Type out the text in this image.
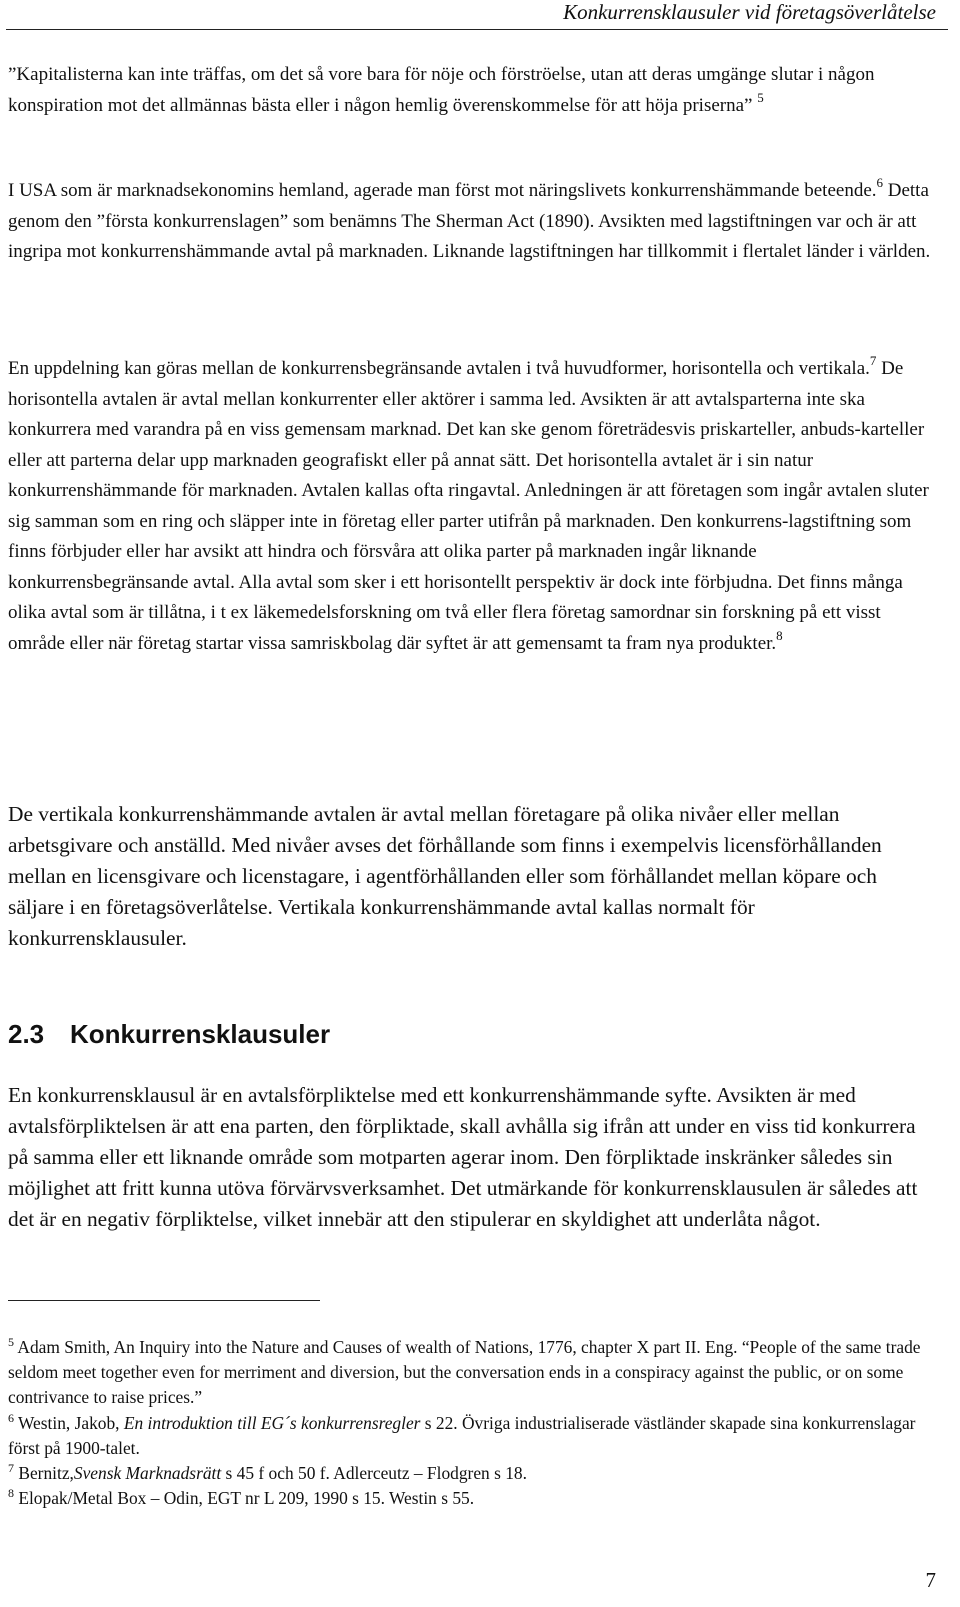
Konkurrensklausuler vid företagsöverlåtelse

”Kapitalisterna kan inte träffas, om det så vore bara för nöje och förströelse, utan att deras umgänge slutar i någon konspiration mot det allmännas bästa eller i någon hemlig överenskommelse för att höja priserna” $^5$

I USA som är marknadsekonomins hemland, agerade man först mot näringslivets konkurrenshämmande beteende.$^6$ Detta genom den ”första konkurrenslagen” som benämns The Sherman Act (1890). Avsikten med lagstiftningen var och är att ingripa mot konkurrenshämmande avtal på marknaden. Liknande lagstiftningen har tillkommit i flertalet länder i världen.

En uppdelning kan göras mellan de konkurrensbegränsande avtalen i två huvudformer, horisontella och vertikala.$^7$ De horisontella avtalen är avtal mellan konkurrenter eller aktörer i samma led. Avsikten är att avtalsparterna inte ska konkurrera med varandra på en viss gemensam marknad. Det kan ske genom företrädesvis priskarteller, anbuds-karteller eller att parterna delar upp marknaden geografiskt eller på annat sätt. Det horisontella avtalet är i sin natur konkurrenshämmande för marknaden. Avtalen kallas ofta ringavtal. Anledningen är att företagen som ingår avtalen sluter sig samman som en ring och släpper inte in företag eller parter utifrån på marknaden. Den konkurrens-lagstiftning som finns förbjuder eller har avsikt att hindra och försvåra att olika parter på marknaden ingår liknande konkurrensbegränsande avtal. Alla avtal som sker i ett horisontellt perspektiv är dock inte förbjudna. Det finns många olika avtal som är tillåtna, i t ex läkemedelsforskning om två eller flera företag samordnar sin forskning på ett visst område eller när företag startar vissa samriskbolag där syftet är att gemensamt ta fram nya produkter.$^8$

De vertikala konkurrenshämmande avtalen är avtal mellan företagare på olika nivåer eller mellan arbetsgivare och anställd. Med nivåer avses det förhållande som finns i exempelvis licensförhållanden mellan en licensgivare och licenstagare, i agentförhållanden eller som förhållandet mellan köpare och säljare i en företagsöverlåtelse. Vertikala konkurrenshämmande avtal kallas normalt för konkurrensklausuler.

2.3 Konkurrensklausuler

En konkurrensklausul är en avtalsförpliktelse med ett konkurrenshämmande syfte. Avsikten är med avtalsförpliktelsen är att ena parten, den förpliktade, skall avhålla sig ifrån att under en viss tid konkurrera på samma eller ett liknande område som motparten agerar inom. Den förpliktade inskränker således sin möjlighet att fritt kunna utöva förvärvsverksamhet. Det utmärkande för konkurrensklausulen är således att det är en negativ förpliktelse, vilket innebär att den stipulerar en skyldighet att underlåta något.

$^5$ Adam Smith, An Inquiry into the Nature and Causes of wealth of Nations, 1776, chapter X part II. Eng. “People of the same trade seldom meet together even for merriment and diversion, but the conversation ends in a conspiracy against the public, or on some contrivance to raise prices.”

$^6$ Westin, Jakob, En introduktion till EG´s konkurrensregler s 22. Övriga industrialiserade västländer skapade sina konkurrenslagar först på 1900-talet.

$^7$ Bernitz,Svensk Marknadsrätt s 45 f och 50 f. Adlerceutz – Flodgren s 18.

$^8$ Elopak/Metal Box – Odin, EGT nr L 209, 1990 s 15. Westin s 55.

7
